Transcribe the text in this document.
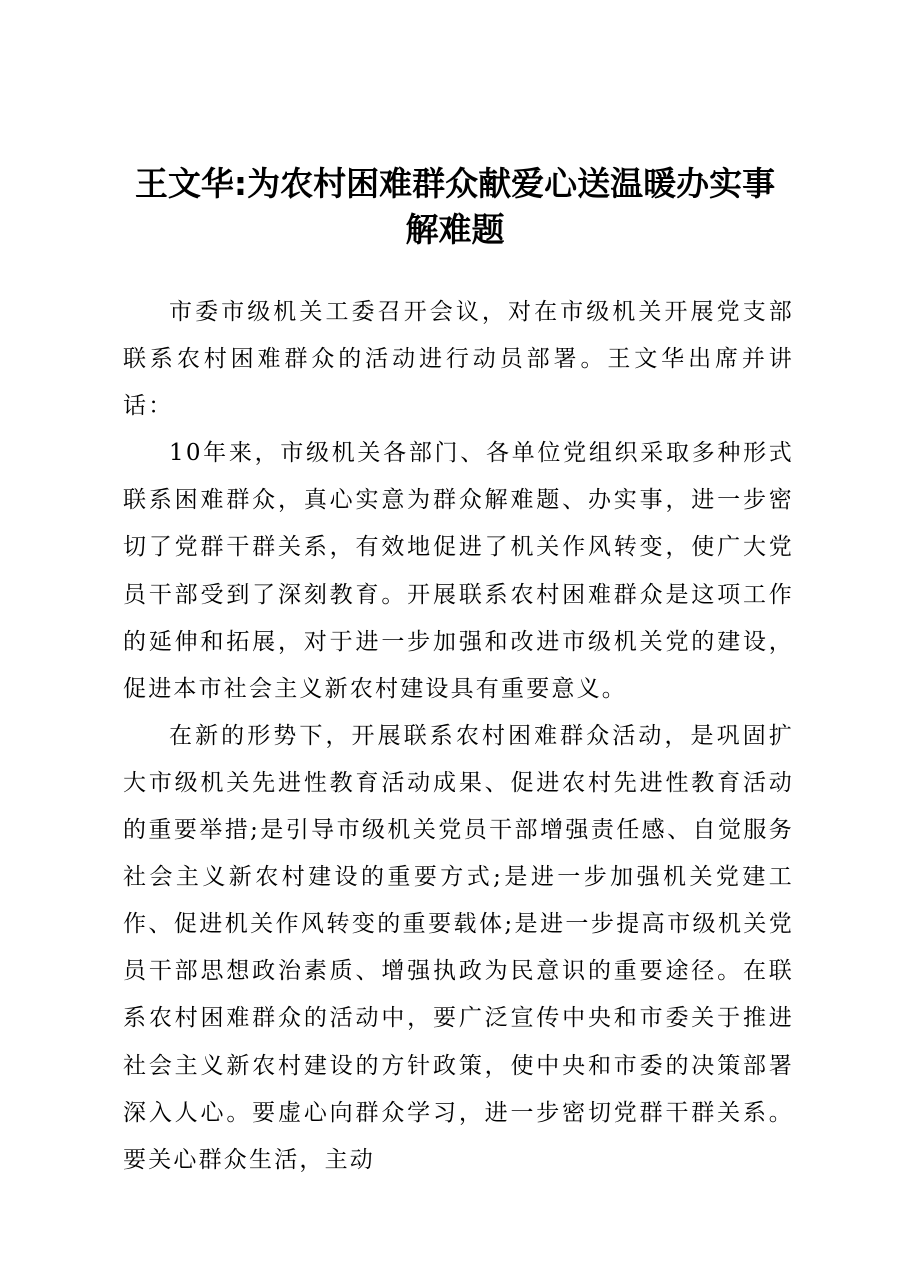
王文华:为农村困难群众献爱心送温暖办实事解难题

市委市级机关工委召开会议，对在市级机关开展党支部联系农村困难群众的活动进行动员部署。王文华出席并讲话：

10年来，市级机关各部门、各单位党组织采取多种形式联系困难群众，真心实意为群众解难题、办实事，进一步密切了党群干群关系，有效地促进了机关作风转变，使广大党员干部受到了深刻教育。开展联系农村困难群众是这项工作的延伸和拓展，对于进一步加强和改进市级机关党的建设，促进本市社会主义新农村建设具有重要意义。

在新的形势下，开展联系农村困难群众活动，是巩固扩大市级机关先进性教育活动成果、促进农村先进性教育活动的重要举措;是引导市级机关党员干部增强责任感、自觉服务社会主义新农村建设的重要方式;是进一步加强机关党建工作、促进机关作风转变的重要载体;是进一步提高市级机关党员干部思想政治素质、增强执政为民意识的重要途径。在联系农村困难群众的活动中，要广泛宣传中央和市委关于推进社会主义新农村建设的方针政策，使中央和市委的决策部署深入人心。要虚心向群众学习，进一步密切党群干群关系。要关心群众生活，主动
